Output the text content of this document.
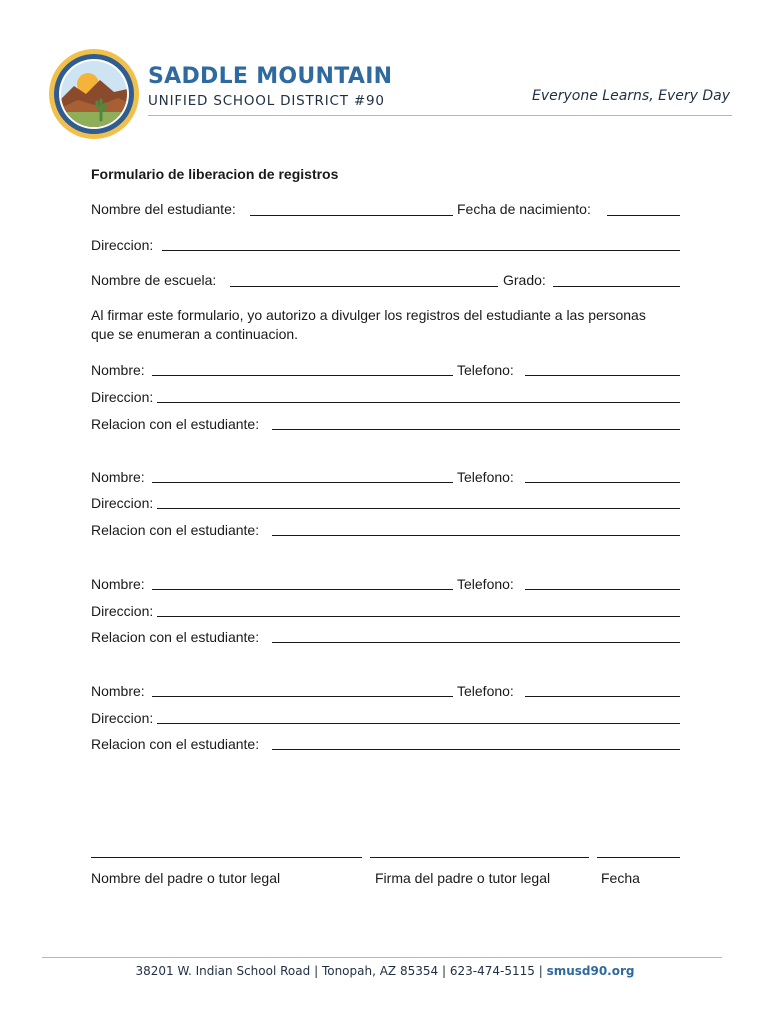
SADDLE MOUNTAIN
UNIFIED SCHOOL DISTRICT #90	Everyone Learns, Every Day
Formulario de liberacion de registros
Nombre del estudiante:	Fecha de nacimiento:
Direccion:
Nombre de escuela:	Grado:
Al firmar este formulario, yo autorizo a divulger los registros del estudiante a las personas que se enumeran a continuacion.
Nombre:	Telefono:
Direccion:
Relacion con el estudiante:
Nombre:	Telefono:
Direccion:
Relacion con el estudiante:
Nombre:	Telefono:
Direccion:
Relacion con el estudiante:
Nombre:	Telefono:
Direccion:
Relacion con el estudiante:
Nombre del padre o tutor legal	Firma del padre o tutor legal	Fecha
38201 W. Indian School Road | Tonopah, AZ 85354 | 623-474-5115 | smusd90.org
